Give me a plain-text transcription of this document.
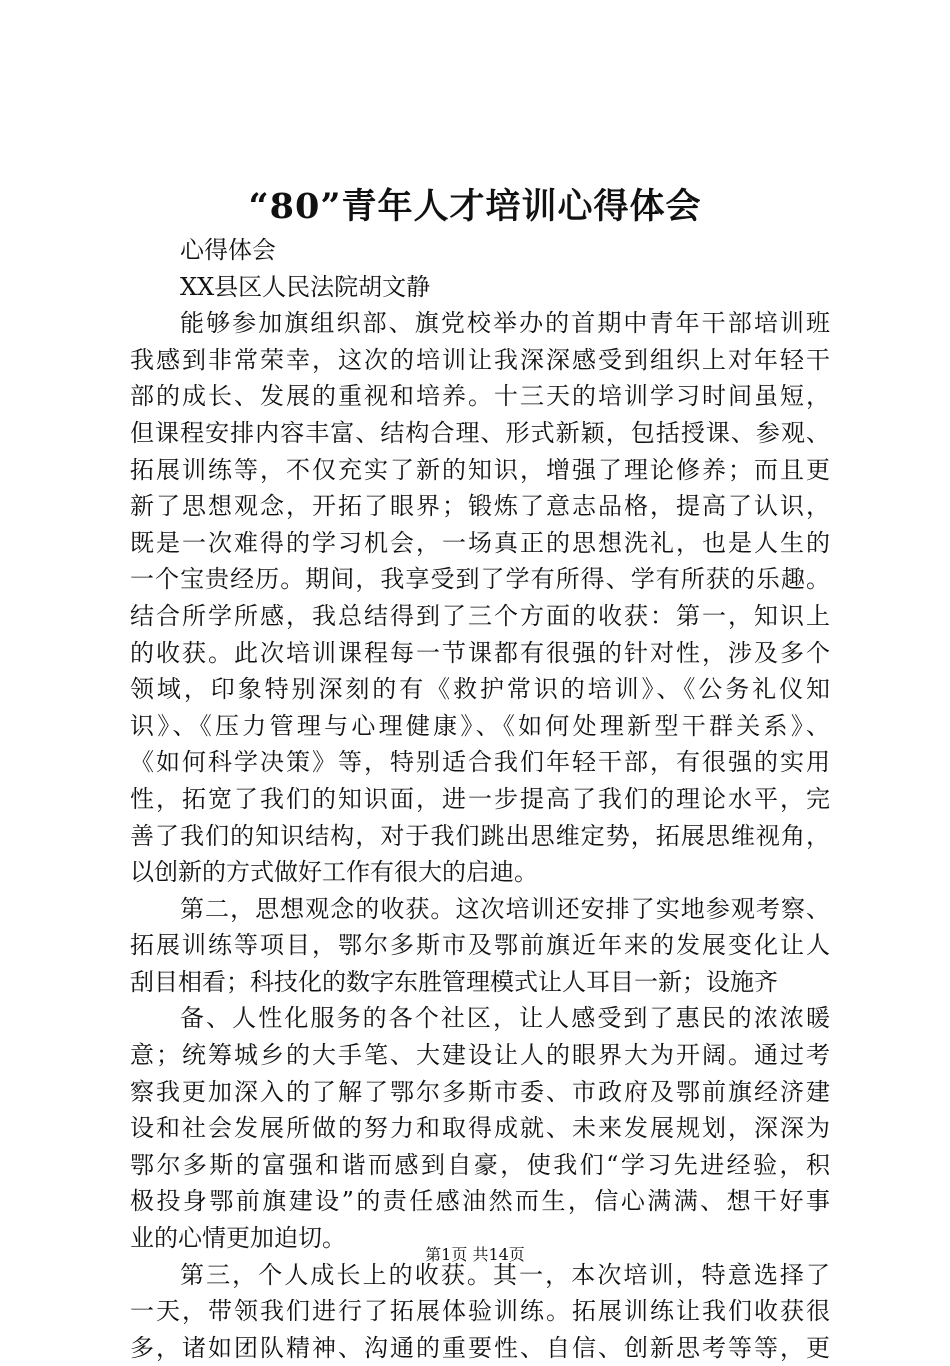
“80”青年人才培训心得体会
心得体会
XX县区人民法院胡文静
能够参加旗组织部、旗党校举办的首期中青年干部培训班
我感到非常荣幸，这次的培训让我深深感受到组织上对年轻干
部的成长、发展的重视和培养。十三天的培训学习时间虽短，
但课程安排内容丰富、结构合理、形式新颖，包括授课、参观、
拓展训练等，不仅充实了新的知识，增强了理论修养；而且更
新了思想观念，开拓了眼界；锻炼了意志品格，提高了认识，
既是一次难得的学习机会，一场真正的思想洗礼，也是人生的
一个宝贵经历。期间，我享受到了学有所得、学有所获的乐趣。
结合所学所感，我总结得到了三个方面的收获：第一，知识上
的收获。此次培训课程每一节课都有很强的针对性，涉及多个
领域，印象特别深刻的有《救护常识的培训》、《公务礼仪知
识》、《压力管理与心理健康》、《如何处理新型干群关系》、
《如何科学决策》等，特别适合我们年轻干部，有很强的实用
性，拓宽了我们的知识面，进一步提高了我们的理论水平，完
善了我们的知识结构，对于我们跳出思维定势，拓展思维视角，
以创新的方式做好工作有很大的启迪。
第二，思想观念的收获。这次培训还安排了实地参观考察、
拓展训练等项目，鄂尔多斯市及鄂前旗近年来的发展变化让人
刮目相看；科技化的数字东胜管理模式让人耳目一新；设施齐
备、人性化服务的各个社区，让人感受到了惠民的浓浓暖
意；统筹城乡的大手笔、大建设让人的眼界大为开阔。通过考
察我更加深入的了解了鄂尔多斯市委、市政府及鄂前旗经济建
设和社会发展所做的努力和取得成就、未来发展规划，深深为
鄂尔多斯的富强和谐而感到自豪，使我们“学习先进经验，积
极投身鄂前旗建设”的责任感油然而生，信心满满、想干好事
业的心情更加迫切。
第三，个人成长上的收获。其一，本次培训，特意选择了
一天，带领我们进行了拓展体验训练。拓展训练让我们收获很
多，诸如团队精神、沟通的重要性、自信、创新思考等等，更
第1页 共14页
